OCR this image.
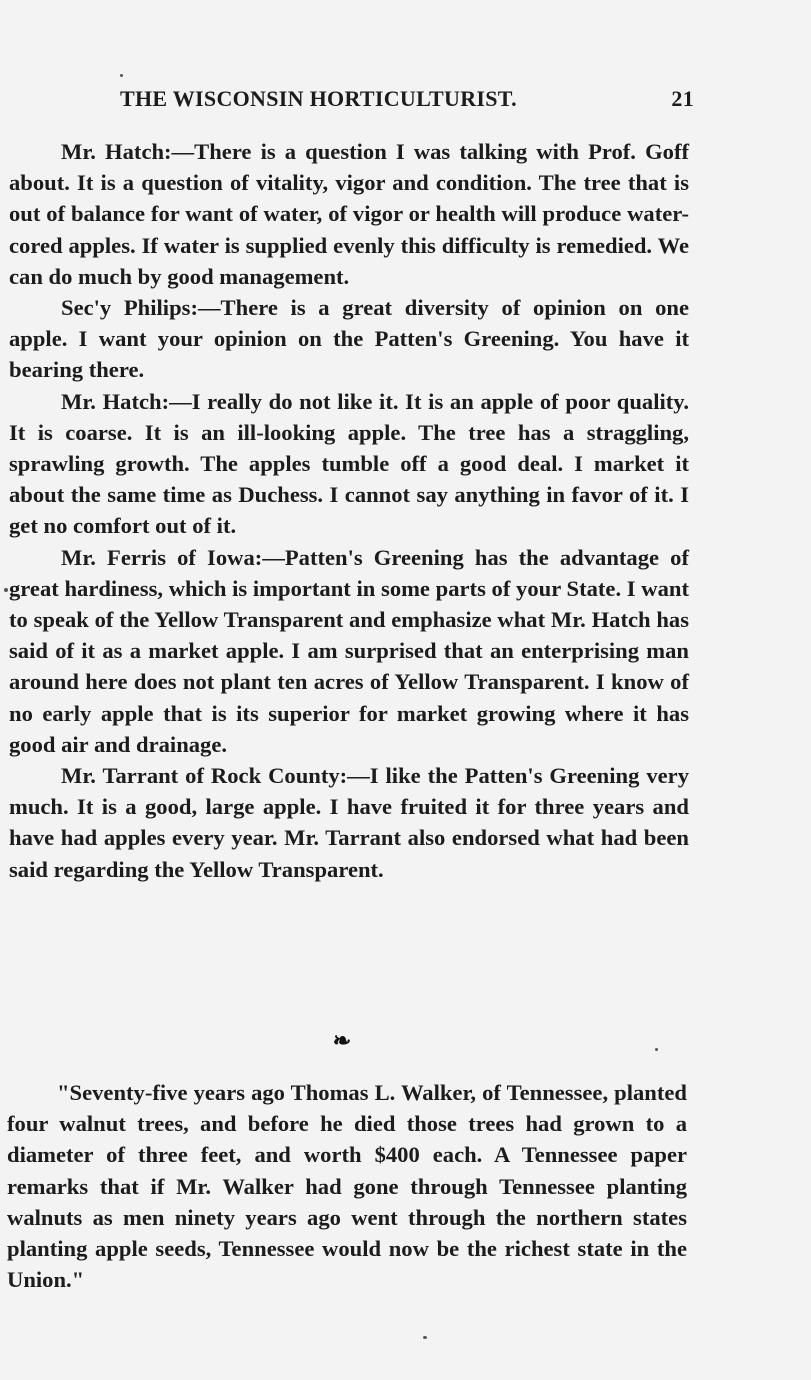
THE WISCONSIN HORTICULTURIST.	21

Mr. Hatch:—There is a question I was talking with Prof. Goff about. It is a question of vitality, vigor and condition. The tree that is out of balance for want of water, of vigor or health will produce water-cored apples. If water is supplied evenly this difficulty is remedied. We can do much by good management.

Sec'y Philips:—There is a great diversity of opinion on one apple. I want your opinion on the Patten's Greening. You have it bearing there.

Mr. Hatch:—I really do not like it. It is an apple of poor quality. It is coarse. It is an ill-looking apple. The tree has a straggling, sprawling growth. The apples tumble off a good deal. I market it about the same time as Duchess. I cannot say anything in favor of it. I get no comfort out of it.

Mr. Ferris of Iowa:—Patten's Greening has the advantage of great hardiness, which is important in some parts of your State. I want to speak of the Yellow Transparent and emphasize what Mr. Hatch has said of it as a market apple. I am surprised that an enterprising man around here does not plant ten acres of Yellow Transparent. I know of no early apple that is its superior for market growing where it has good air and drainage.

Mr. Tarrant of Rock County:—I like the Patten's Greening very much. It is a good, large apple. I have fruited it for three years and have had apples every year. Mr. Tarrant also endorsed what had been said regarding the Yellow Transparent.

❧

"Seventy-five years ago Thomas L. Walker, of Tennessee, planted four walnut trees, and before he died those trees had grown to a diameter of three feet, and worth $400 each. A Tennessee paper remarks that if Mr. Walker had gone through Tennessee planting walnuts as men ninety years ago went through the northern states planting apple seeds, Tennessee would now be the richest state in the Union."
